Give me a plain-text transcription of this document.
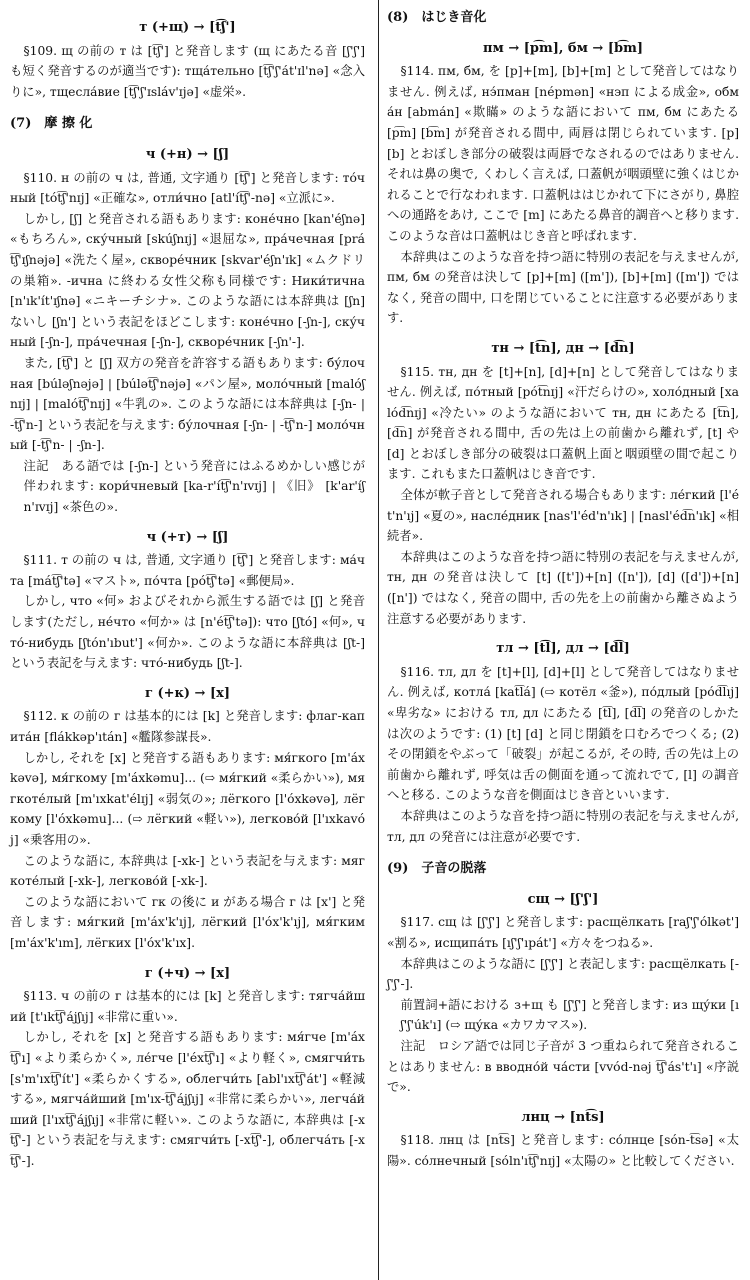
т (+щ) → [t͡ʃ']
§109. щ の前の т は [t͡ʃ'] と発音します (щ にあたる音 [ʃ'ʃ'] も短く発音するのが適当です): тща́тельно [t͡ʃ'ʃ'át'ɪl'nə] «念入りに», тщесла́вие [t͡ʃ'ʃ'ɪsláv'ɪjə] «虚栄».
(7)　摩 擦 化
ч (+н) → [ʃ]
§110. н の前の ч は, 普通, 文字通り [t͡ʃ'] と発音します: то́чный [tót͡ʃ'nɪj] «正確な», отли́чно [atl'ít͡ʃ'-nə] «立派に».
しかし, [ʃ] と発音される語もあります: коне́чно [kan'éʃnə] «もちろん», ску́чный [skúʃnɪj] «退屈な», пра́чечная [prát͡ʃ'ɪʃnəjə] «洗たく屋», скворе́чник [skvar'éʃn'ɪk] «ムクドリの巣箱». -ична に終わる女性父称も同様です: Ники́тична [n'ık'ít'ɪʃnə] «ニキーチシナ». このような語には本辞典は [ʃn] ないし [ʃn'] という表記をほどこします: коне́чно [-ʃn-], ску́чный [-ʃn-], пра́чечная [-ʃn-], скворе́чник [-ʃn'-].
また, [t͡ʃ'] と [ʃ] 双方の発音を許容する語もあります: бу́лочная [búləʃnəjə] | [búlət͡ʃ'nəjə] «パン屋», моло́чный [malóʃnɪj] | [malót͡ʃ'nɪj] «牛乳の». このような語には本辞典は [-ʃn- | -t͡ʃ'n-] という表記を与えます: бу́лочная [-ʃn- | -t͡ʃ'n-] моло́чный [-t͡ʃ'n- | -ʃn-].
注記　ある語では [-ʃn-] という発音にはふるめかしい感じが伴われます: кори́чневый [ka-r'ít͡ʃ'n'ɪvɪj] | 《旧》 [k'ar'íʃn'ɪvɪj] «茶色の».
ч (+т) → [ʃ]
§111. т の前の ч は, 普通, 文字通り [t͡ʃ'] と発音します: ма́чта [mát͡ʃ'tə] «マスト», по́чта [pót͡ʃ'tə] «郵便局».
しかし, что «何» およびそれから派生する語では [ʃ] と発音します(ただし, не́что «何か» は [n'ét͡ʃ'tə]): что [ʃtó] «何», что́-нибудь [ʃtón'ıbut'] «何か». このような語に本辞典は [ʃt-] という表記を与えます: что́-нибудь [ʃt-].
г (+к) → [x]
§112. к の前の г は基本的には [k] と発音します: флаг-капита́н [flákkəp'ıtán] «艦隊参謀長».
しかし, それを [x] と発音する語もあります: мя́гкого [m'áxkəvə], мя́гкому [m'áxkəmu]... (⇨ мя́гкий «柔らかい»), мягкоте́лый [m'ıxkat'élɪj] «弱気の»; лёгкого [l'óxkəvə], лёгкому [l'óxkəmu]... (⇨ лёгкий «軽い»), легково́й [l'ıxkavój] «乗客用の».
このような語に, 本辞典は [-xk-] という表記を与えます: мягкоте́лый [-xk-], легково́й [-xk-].
このような語において гк の後に и がある場合 г は [x'] と発音します: мя́гкий [m'áx'k'ıj], лёгкий [l'óx'k'ıj], мя́гким [m'áx'k'ım], лёгких [l'óx'k'ıx].
г (+ч) → [x]
§113. ч の前の г は基本的には [k] と発音します: тягча́йший [t'ıkt͡ʃ'ájʃıj] «非常に重い».
しかし, それを [x] と発音する語もあります: мя́гче [m'áxt͡ʃ'ı] «より柔らかく», ле́гче [l'éxt͡ʃ'ı] «より軽く», смягчи́ть [s'm'ıxt͡ʃ'ít'] «柔らかくする», облегчи́ть [abl'ıxt͡ʃ'át'] «軽減する», мягча́йший [m'ıx-t͡ʃ'ájʃıj] «非常に柔らかい», легча́йший [l'ıxt͡ʃ'ájʃıj] «非常に軽い». このような語に, 本辞典は [-xt͡ʃ'-] という表記を与えます: смягчи́ть [-xt͡ʃ'-], облегча́ть [-xt͡ʃ'-].
(8)　はじき音化
пм → [p͡m], бм → [b͡m]
§114. пм, бм, を [p]+[m], [b]+[m] として発音してはなりません. 例えば, нэ́пман [népmən] «нэп による成金», обма́н [abmán] «欺瞞» のような語において пм, бм にあたる [p͡m] [b͡m] が発音される間中, 両唇は閉じられています. [p] [b] とおぼしき部分の破裂は両唇でなされるのではありません. それは鼻の奥で, くわしく言えば, 口蓋帆が咽頭壁に強くはじかれることで行なわれます. 口蓋帆ははじかれて下にさがり, 鼻腔への通路をあけ, ここで [m] にあたる鼻音的調音へと移ります. このような音は口蓋帆はじき音と呼ばれます.
本辞典はこのような音を持つ語に特別の表記を与えませんが, пм, бм の発音は決して [p]+[m] ([m']), [b]+[m] ([m']) ではなく, 発音の間中, 口を閉じていることに注意する必要があります.
тн → [t͡n], дн → [d͡n]
§115. тн, дн を [t]+[n], [d]+[n] として発音してはなりません. 例えば, по́тный [pót͡nɪj] «汗だらけの», холо́дный [xalód͡nɪj] «冷たい» のような語において тн, дн にあたる [t͡n], [d͡n] が発音される間中, 舌の先は上の前歯から離れず, [t] や [d] とおぼしき部分の破裂は口蓋帆上面と咽頭壁の間で起こります. これもまた口蓋帆はじき音です.
全体が軟子音として発音される場合もあります: ле́гкий [l'ét'n'ıj] «夏の», насле́дник [nas'l'éd'n'ık] | [nasl'éd͡n'ık] «相続者».
本辞典はこのような音を持つ語に特別の表記を与えませんが, тн, дн の発音は決して [t] ([t'])+[n] ([n']), [d] ([d'])+[n] ([n']) ではなく, 発音の間中, 舌の先を上の前歯から離さぬよう注意する必要があります.
тл → [t͡l], дл → [d͡l]
§116. тл, дл を [t]+[l], [d]+[l] として発音してはなりません. 例えば, котла́ [kat͡lá] (⇨ котёл «釜»), по́длый [pód͡lıj] «卑劣な» における тл, дл にあたる [t͡l], [d͡l] の発音のしかたは次のようです: (1) [t] [d] と同じ閉鎖を口むろでつくる; (2) その閉鎖をやぶって「破裂」が起こるが, その時, 舌の先は上の前歯から離れず, 呼気は舌の側面を通って流れでて, [l] の調音へと移る. このような音を側面はじき音といいます.
本辞典はこのような音を持つ語に特別の表記を与えませんが, тл, дл の発音には注意が必要です.
(9)　子音の脱落
сщ → [ʃ'ʃ']
§117. сщ は [ʃ'ʃ'] と発音します: расщёлкать [raʃ'ʃ'ólkət'] «割る», исщипа́ть [ıʃ'ʃ'ıpát'] «方々をつねる».
本辞典はこのような語に [ʃ'ʃ'] と表記します: расщёлкать [-ʃ'ʃ'-].
前置詞+語における з+щ も [ʃ'ʃ'] と発音します: из щу́ки [ıʃ'ʃ'úk'ı] (⇨ щу́ка «カワカマス»).
注記　ロシア語では同じ子音が 3 つ重ねられて発音されることはありません: в вводно́й ча́сти [vvód-nəj t͡ʃ'ás't'ı] «序説で».
лнц → [nt͡s]
§118. лнц は [nt͡s] と発音します: со́лнце [són-t͡sə] «太陽». со́лнечный [sóln'ıt͡ʃ'nɪj] «太陽の» と比較してください.
